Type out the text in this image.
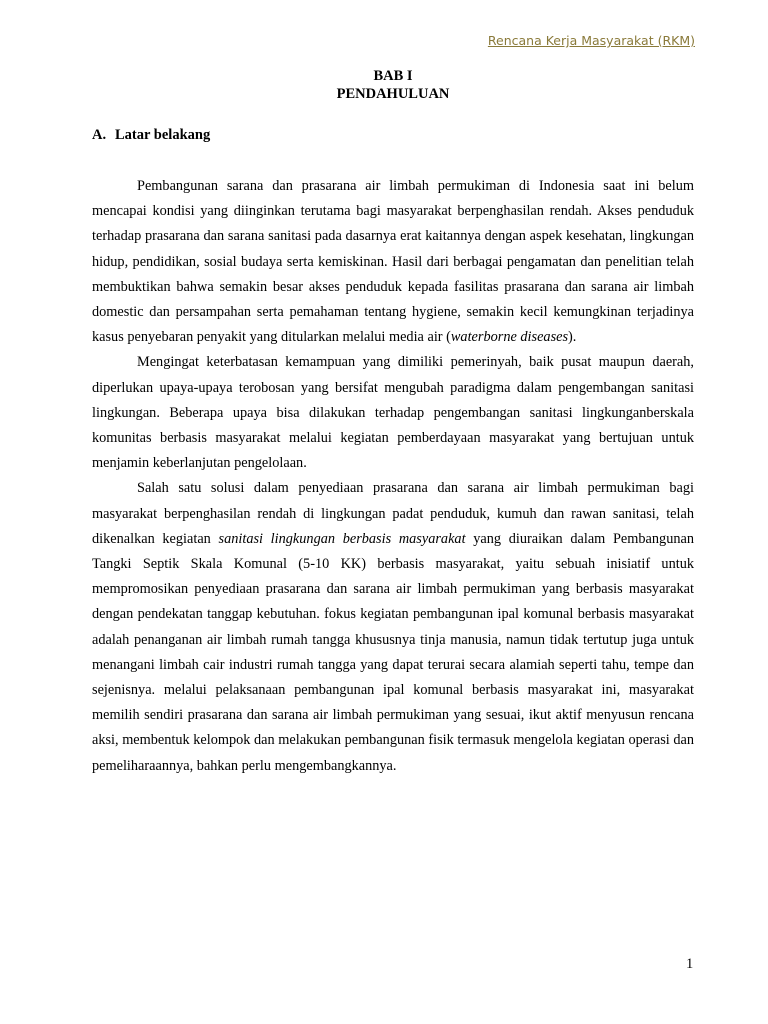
Rencana Kerja Masyarakat (RKM)
BAB I
PENDAHULUAN
A. Latar belakang

Pembangunan sarana dan prasarana air limbah permukiman di Indonesia saat ini belum mencapai kondisi yang diinginkan terutama bagi masyarakat berpenghasilan rendah. Akses penduduk terhadap prasarana dan sarana sanitasi pada dasarnya erat kaitannya dengan aspek kesehatan, lingkungan hidup, pendidikan, sosial budaya serta kemiskinan. Hasil dari berbagai pengamatan dan penelitian telah membuktikan bahwa semakin besar akses penduduk kepada fasilitas prasarana dan sarana air limbah domestic dan persampahan serta pemahaman tentang hygiene, semakin kecil kemungkinan terjadinya kasus penyebaran penyakit yang ditularkan melalui media air (waterborne diseases).

Mengingat keterbatasan kemampuan yang dimiliki pemerinyah, baik pusat maupun daerah, diperlukan upaya-upaya terobosan yang bersifat mengubah paradigma dalam pengembangan sanitasi lingkungan. Beberapa upaya bisa dilakukan terhadap pengembangan sanitasi lingkunganberskala komunitas berbasis masyarakat melalui kegiatan pemberdayaan masyarakat yang bertujuan untuk menjamin keberlanjutan pengelolaan.

Salah satu solusi dalam penyediaan prasarana dan sarana air limbah permukiman bagi masyarakat berpenghasilan rendah di lingkungan padat penduduk, kumuh dan rawan sanitasi, telah dikenalkan kegiatan sanitasi lingkungan berbasis masyarakat yang diuraikan dalam Pembangunan Tangki Septik Skala Komunal (5-10 KK) berbasis masyarakat, yaitu sebuah inisiatif untuk mempromosikan penyediaan prasarana dan sarana air limbah permukiman yang berbasis masyarakat dengan pendekatan tanggap kebutuhan. fokus kegiatan pembangunan ipal komunal berbasis masyarakat adalah penanganan air limbah rumah tangga khususnya tinja manusia, namun tidak tertutup juga untuk menangani limbah cair industri rumah tangga yang dapat terurai secara alamiah seperti tahu, tempe dan sejenisnya. melalui pelaksanaan pembangunan ipal komunal berbasis masyarakat ini, masyarakat memilih sendiri prasarana dan sarana air limbah permukiman yang sesuai, ikut aktif menyusun rencana aksi, membentuk kelompok dan melakukan pembangunan fisik termasuk mengelola kegiatan operasi dan pemeliharaannya, bahkan perlu mengembangkannya.

1
